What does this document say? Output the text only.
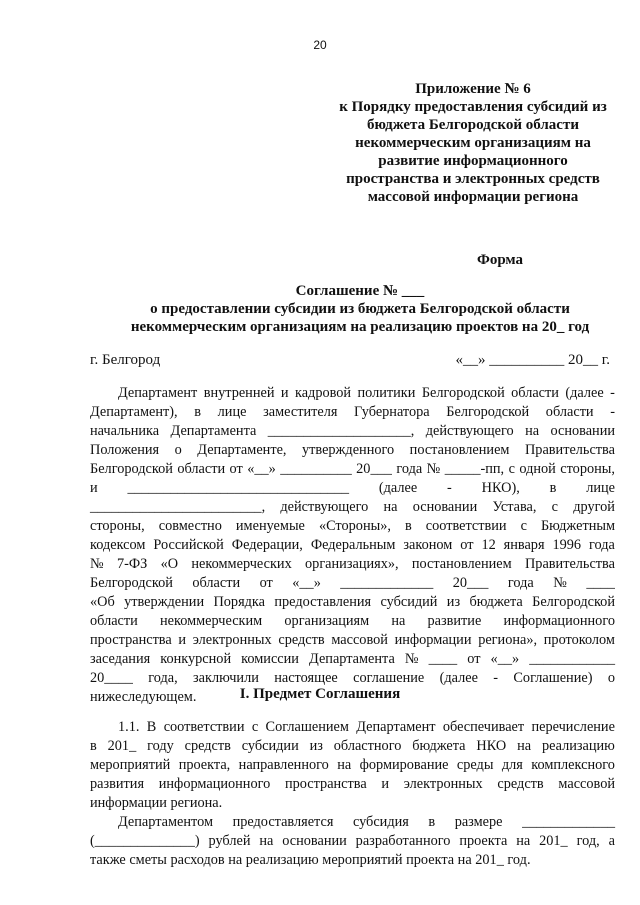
20
Приложение № 6
к Порядку предоставления субсидий из
бюджета Белгородской области
некоммерческим организациям на
развитие информационного
пространства и электронных средств
массовой информации региона
Форма
Соглашение № ___
о предоставлении субсидии из бюджета Белгородской области
некоммерческим организациям на реализацию проектов на 20_ год
г. Белгород	«__» __________ 20__ г.
Департамент внутренней и кадровой политики Белгородской области (далее -
Департамент), в лице заместителя Губернатора Белгородской области -
начальника Департамента ____________________, действующего на основании
Положения о Департаменте, утвержденного постановлением Правительства
Белгородской области от «__» __________ 20___ года № _____-пп, с одной стороны,
и _______________________________ (далее - НКО), в лице
________________________, действующего на основании Устава, с другой
стороны, совместно именуемые «Стороны», в соответствии с Бюджетным
кодексом Российской Федерации, Федеральным законом от 12 января 1996 года
№ 7-ФЗ «О некоммерческих организациях», постановлением Правительства
Белгородской области от «__» _____________ 20___ года № ____
«Об утверждении Порядка предоставления субсидий из бюджета Белгородской
области некоммерческим организациям на развитие информационного
пространства и электронных средств массовой информации региона», протоколом
заседания конкурсной комиссии Департамента № ____ от «__» ____________
20____ года, заключили настоящее соглашение (далее - Соглашение) о
нижеследующем.	I. Предмет Соглашения
1.1. В соответствии с Соглашением Департамент обеспечивает перечисление
в 201_ году средств субсидии из областного бюджета НКО на реализацию
мероприятий проекта, направленного на формирование среды для комплексного
развития информационного пространства и электронных средств массовой
информации региона.
Департаментом предоставляется субсидия в размере _____________
(______________) рублей на основании разработанного проекта на 201_ год, а
также сметы расходов на реализацию мероприятий проекта на 201_ год.
